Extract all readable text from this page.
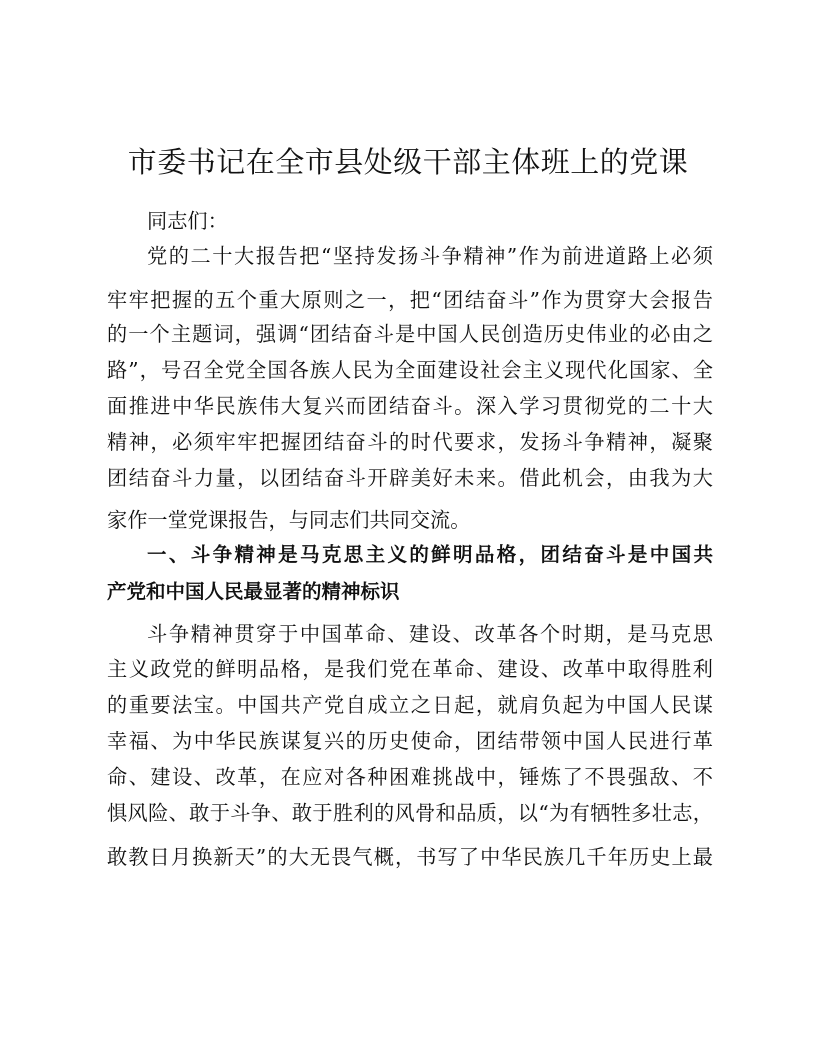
市委书记在全市县处级干部主体班上的党课

同志们：

党的二十大报告把“坚持发扬斗争精神”作为前进道路上必须

牢牢把握的五个重大原则之一，把“团结奋斗”作为贯穿大会报告

的一个主题词，强调“团结奋斗是中国人民创造历史伟业的必由之

路”，号召全党全国各族人民为全面建设社会主义现代化国家、全

面推进中华民族伟大复兴而团结奋斗。深入学习贯彻党的二十大

精神，必须牢牢把握团结奋斗的时代要求，发扬斗争精神，凝聚

团结奋斗力量，以团结奋斗开辟美好未来。借此机会，由我为大

家作一堂党课报告，与同志们共同交流。

一、斗争精神是马克思主义的鲜明品格，团结奋斗是中国共

产党和中国人民最显著的精神标识

斗争精神贯穿于中国革命、建设、改革各个时期，是马克思

主义政党的鲜明品格，是我们党在革命、建设、改革中取得胜利

的重要法宝。中国共产党自成立之日起，就肩负起为中国人民谋

幸福、为中华民族谋复兴的历史使命，团结带领中国人民进行革

命、建设、改革，在应对各种困难挑战中，锤炼了不畏强敌、不

惧风险、敢于斗争、敢于胜利的风骨和品质，以“为有牺牲多壮志，

敢教日月换新天”的大无畏气概，书写了中华民族几千年历史上最
